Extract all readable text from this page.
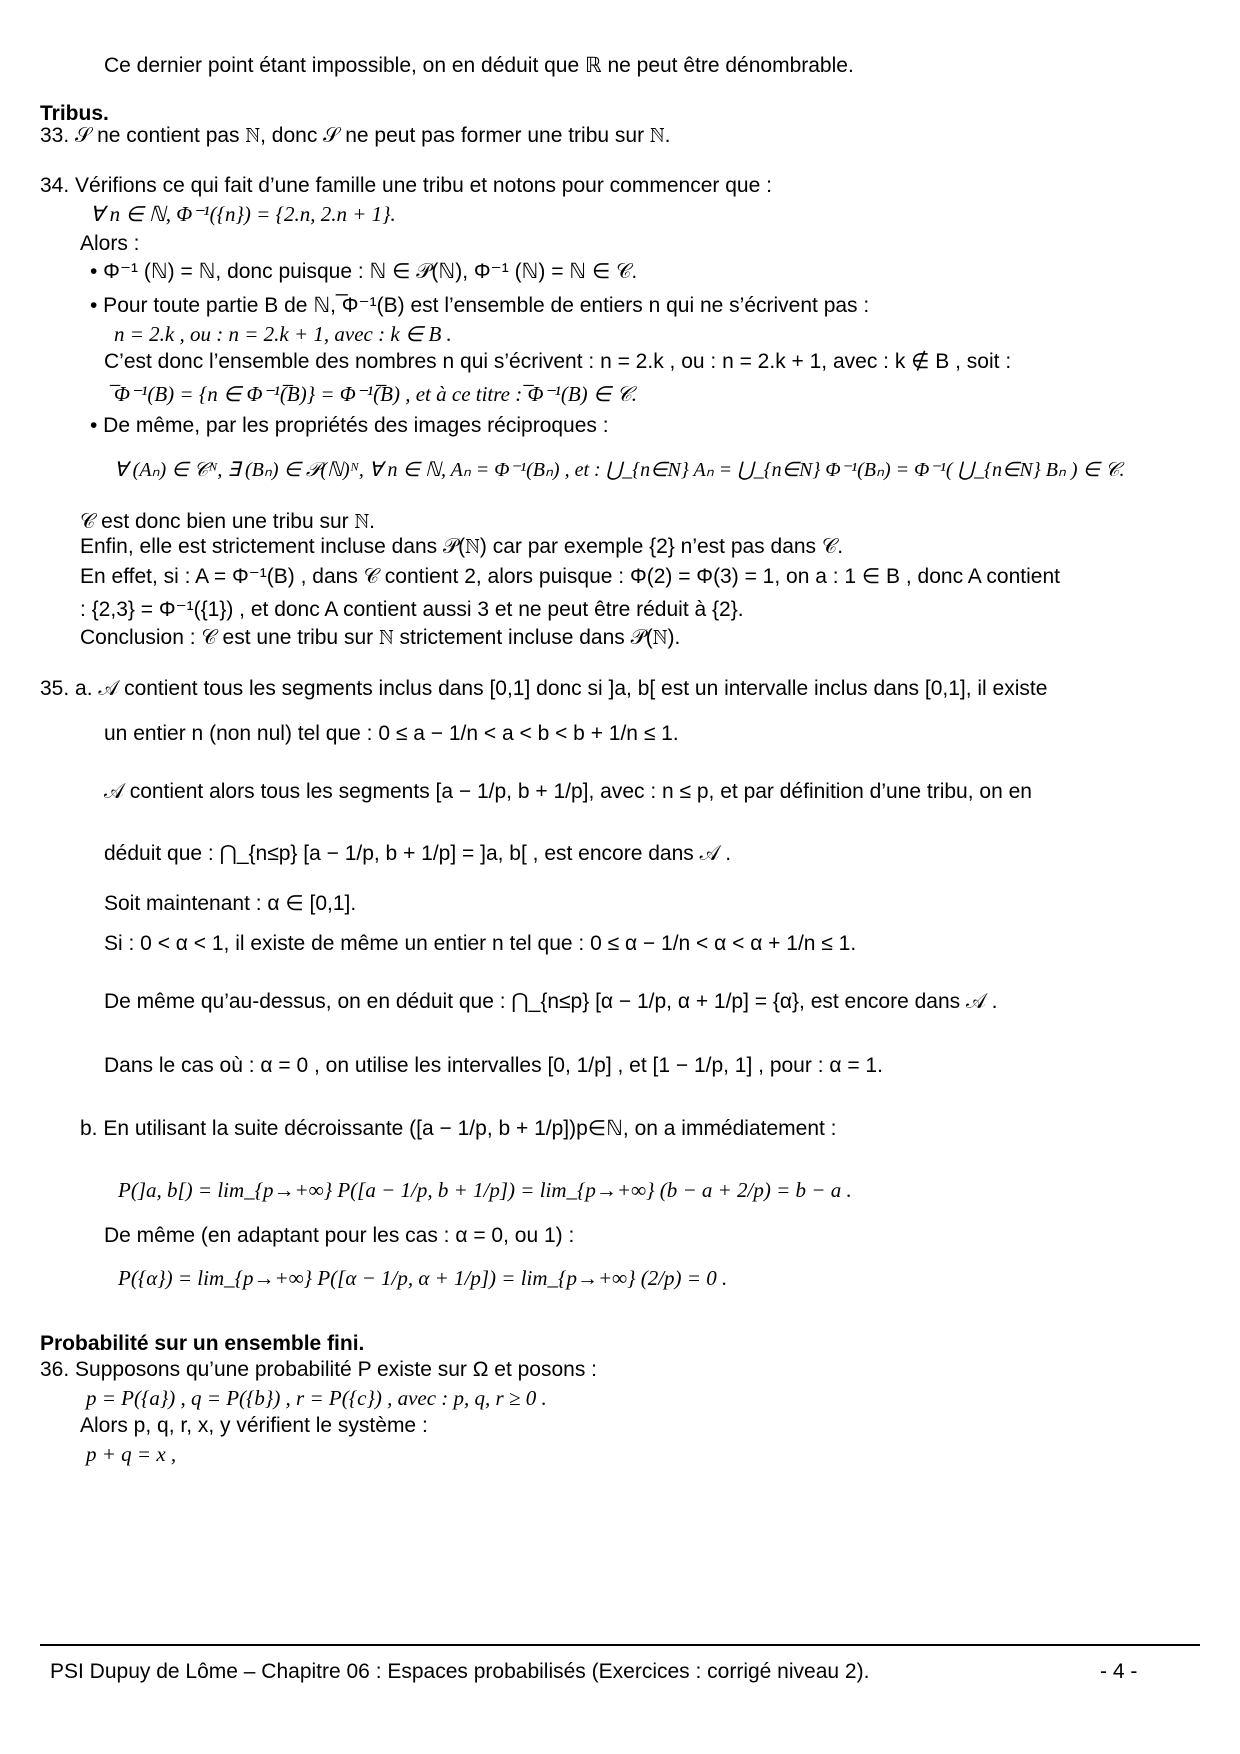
Ce dernier point étant impossible, on en déduit que ℝ ne peut être dénombrable.
Tribus.
33. 𝒮 ne contient pas ℕ, donc 𝒮 ne peut pas former une tribu sur ℕ.
34. Vérifions ce qui fait d’une famille une tribu et notons pour commencer que :
∀ n ∈ ℕ, Φ⁻¹({n}) = {2.n, 2.n + 1}.
Alors :
• Φ⁻¹ (ℕ) = ℕ, donc puisque : ℕ ∈ 𝒫(ℕ), Φ⁻¹ (ℕ) = ℕ ∈ 𝒞.
• Pour toute partie B de ℕ, ̅Φ⁻¹(B) est l’ensemble de entiers n qui ne s’écrivent pas :
n = 2.k , ou : n = 2.k + 1, avec : k ∈ B .
C’est donc l’ensemble des nombres n qui s’écrivent : n = 2.k , ou : n = 2.k + 1, avec : k ∉ B , soit :
̅Φ⁻¹(B) = {n ∈ Φ⁻¹(̅B)} = Φ⁻¹(̅B) , et à ce titre : ̅Φ⁻¹(B) ∈ 𝒞.
• De même, par les propriétés des images réciproques :
∀ (Aₙ) ∈ 𝒞ᴺ, ∃ (Bₙ) ∈ 𝒫(ℕ)ᴺ, ∀ n ∈ ℕ, Aₙ = Φ⁻¹(Bₙ) , et : ⋃_{n∈N} Aₙ = ⋃_{n∈N} Φ⁻¹(Bₙ) = Φ⁻¹( ⋃_{n∈N} Bₙ ) ∈ 𝒞.
𝒞 est donc bien une tribu sur ℕ.
Enfin, elle est strictement incluse dans 𝒫(ℕ) car par exemple {2} n’est pas dans 𝒞.
En effet, si : A = Φ⁻¹(B) , dans 𝒞 contient 2, alors puisque : Φ(2) = Φ(3) = 1, on a : 1 ∈ B , donc A contient
: {2,3} = Φ⁻¹({1}) , et donc A contient aussi 3 et ne peut être réduit à {2}.
Conclusion : 𝒞 est une tribu sur ℕ strictement incluse dans 𝒫(ℕ).
35. a. 𝒜 contient tous les segments inclus dans [0,1] donc si ]a, b[ est un intervalle inclus dans [0,1], il existe
un entier n (non nul) tel que : 0 ≤ a − 1/n < a < b < b + 1/n ≤ 1.
𝒜 contient alors tous les segments [a − 1/p, b + 1/p], avec : n ≤ p, et par définition d’une tribu, on en
déduit que : ⋂_{n≤p} [a − 1/p, b + 1/p] = ]a, b[ , est encore dans 𝒜 .
Soit maintenant : α ∈ [0,1].
Si : 0 < α < 1, il existe de même un entier n tel que : 0 ≤ α − 1/n < α < α + 1/n ≤ 1.
De même qu’au-dessus, on en déduit que : ⋂_{n≤p} [α − 1/p, α + 1/p] = {α}, est encore dans 𝒜 .
Dans le cas où : α = 0 , on utilise les intervalles [0, 1/p] , et [1 − 1/p, 1] , pour : α = 1.
b. En utilisant la suite décroissante ([a − 1/p, b + 1/p])p∈ℕ, on a immédiatement :
P(]a, b[) = lim_{p→+∞} P([a − 1/p, b + 1/p]) = lim_{p→+∞} (b − a + 2/p) = b − a .
De même (en adaptant pour les cas : α = 0, ou 1) :
P({α}) = lim_{p→+∞} P([α − 1/p, α + 1/p]) = lim_{p→+∞} (2/p) = 0 .
Probabilité sur un ensemble fini.
36. Supposons qu’une probabilité P existe sur Ω et posons :
p = P({a}) , q = P({b}) , r = P({c}) , avec : p, q, r ≥ 0 .
Alors p, q, r, x, y vérifient le système :
p + q = x ,
PSI Dupuy de Lôme – Chapitre 06 : Espaces probabilisés (Exercices : corrigé niveau 2).	- 4 -
